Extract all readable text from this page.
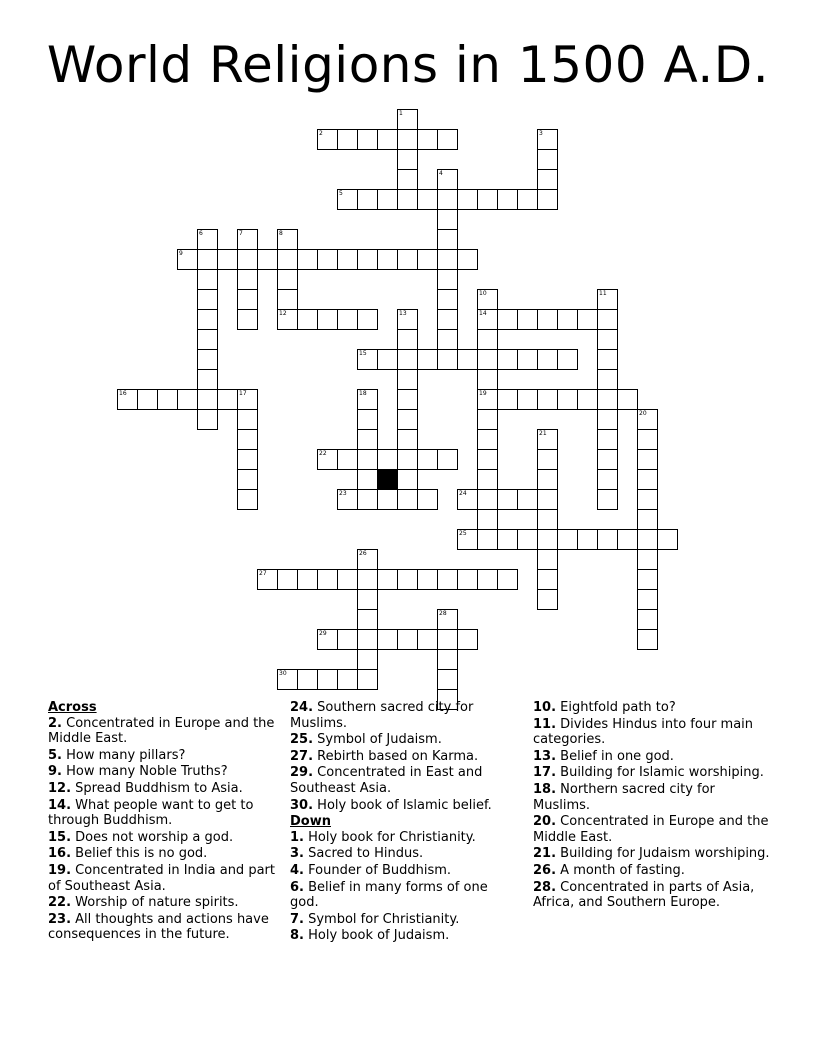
World Religions in 1500 A.D.
1
2	3
4
5
6	7	8
12
9
10
14
19
11
13
15
16	17	18
20
21
22
23	24
25
26
27
28
29
30
Across
2. Concentrated in Europe and the Middle East.
5. How many pillars?
9. How many Noble Truths?
12. Spread Buddhism to Asia.
14. What people want to get to through Buddhism.
15. Does not worship a god.
16. Belief this is no god.
19. Concentrated in India and part of Southeast Asia.
22. Worship of nature spirits.
23. All thoughts and actions have consequences in the future.
24. Southern sacred city for Muslims.
25. Symbol of Judaism.
27. Rebirth based on Karma.
29. Concentrated in East and Southeast Asia.
30. Holy book of Islamic belief.
Down
1. Holy book for Christianity.
3. Sacred to Hindus.
4. Founder of Buddhism.
6. Belief in many forms of one god.
7. Symbol for Christianity.
8. Holy book of Judaism.
10. Eightfold path to?
11. Divides Hindus into four main categories.
13. Belief in one god.
17. Building for Islamic worshiping.
18. Northern sacred city for Muslims.
20. Concentrated in Europe and the Middle East.
21. Building for Judaism worshiping.
26. A month of fasting.
28. Concentrated in parts of Asia, Africa, and Southern Europe.
